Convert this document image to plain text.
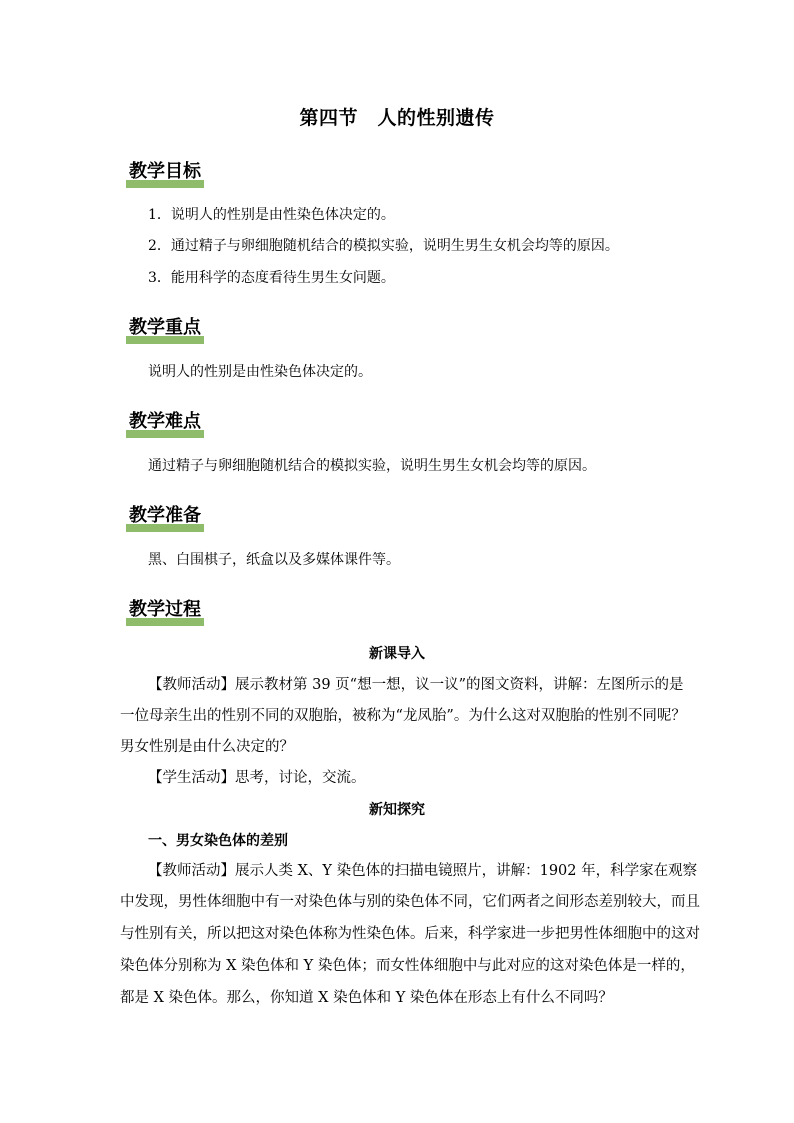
第四节　人的性别遗传
教学目标
1．说明人的性别是由性染色体决定的。
2．通过精子与卵细胞随机结合的模拟实验，说明生男生女机会均等的原因。
3．能用科学的态度看待生男生女问题。
教学重点
说明人的性别是由性染色体决定的。
教学难点
通过精子与卵细胞随机结合的模拟实验，说明生男生女机会均等的原因。
教学准备
黑、白围棋子，纸盒以及多媒体课件等。
教学过程
新课导入
【教师活动】展示教材第 39 页“想一想，议一议”的图文资料，讲解：左图所示的是
一位母亲生出的性别不同的双胞胎，被称为“龙凤胎”。为什么这对双胞胎的性别不同呢？
男女性别是由什么决定的？
【学生活动】思考，讨论，交流。
新知探究
一、男女染色体的差别
【教师活动】展示人类 X、Y 染色体的扫描电镜照片，讲解：1902 年，科学家在观察
中发现，男性体细胞中有一对染色体与别的染色体不同，它们两者之间形态差别较大，而且
与性别有关，所以把这对染色体称为性染色体。后来，科学家进一步把男性体细胞中的这对
染色体分别称为 X 染色体和 Y 染色体；而女性体细胞中与此对应的这对染色体是一样的，
都是 X 染色体。那么，你知道 X 染色体和 Y 染色体在形态上有什么不同吗？
